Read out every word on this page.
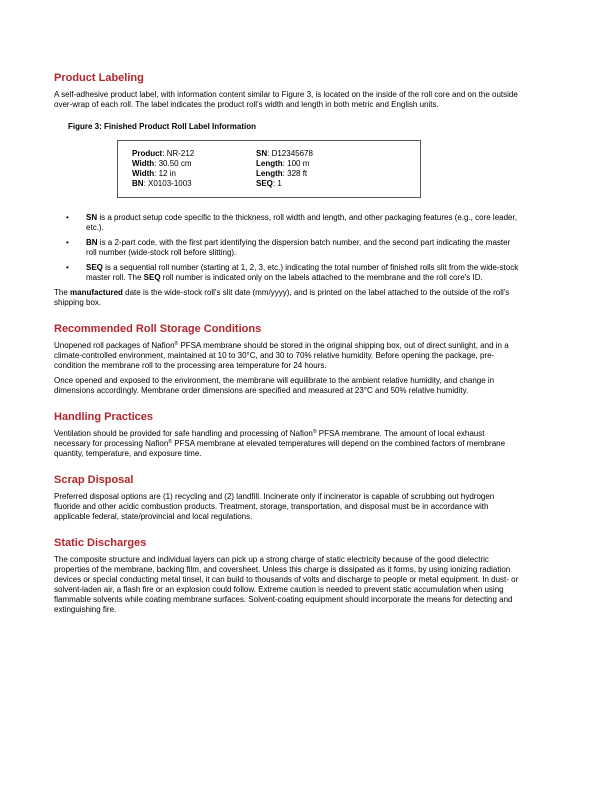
Product Labeling

A self-adhesive product label, with information content similar to Figure 3, is located on the inside of the roll core and on the outside over-wrap of each roll. The label indicates the product roll's width and length in both metric and English units.

Figure 3: Finished Product Roll Label Information
Product: NR-212
Width: 30.50 cm
Width: 12 in
BN: X0103-1003
SN: D12345678
Length: 100 m
Length: 328 ft
SEQ: 1
• SN is a product setup code specific to the thickness, roll width and length, and other packaging features (e.g., core leader, etc.).
• BN is a 2-part code, with the first part identifying the dispersion batch number, and the second part indicating the master roll number (wide-stock roll before slitting).
• SEQ is a sequential roll number (starting at 1, 2, 3, etc.) indicating the total number of finished rolls slit from the wide-stock master roll. The SEQ roll number is indicated only on the labels attached to the membrane and the roll core's ID.

The manufactured date is the wide-stock roll's slit date (mm/yyyy), and is printed on the label attached to the outside of the roll's shipping box.

Recommended Roll Storage Conditions

Unopened roll packages of Nafion® PFSA membrane should be stored in the original shipping box, out of direct sunlight, and in a climate-controlled environment, maintained at 10 to 30°C, and 30 to 70% relative humidity. Before opening the package, pre-condition the membrane roll to the processing area temperature for 24 hours.

Once opened and exposed to the environment, the membrane will equilibrate to the ambient relative humidity, and change in dimensions accordingly. Membrane order dimensions are specified and measured at 23°C and 50% relative humidity.

Handling Practices

Ventilation should be provided for safe handling and processing of Nafion® PFSA membrane. The amount of local exhaust necessary for processing Nafion® PFSA membrane at elevated temperatures will depend on the combined factors of membrane quantity, temperature, and exposure time.

Scrap Disposal

Preferred disposal options are (1) recycling and (2) landfill. Incinerate only if incinerator is capable of scrubbing out hydrogen fluoride and other acidic combustion products. Treatment, storage, transportation, and disposal must be in accordance with applicable federal, state/provincial and local regulations.

Static Discharges

The composite structure and individual layers can pick up a strong charge of static electricity because of the good dielectric properties of the membrane, backing film, and coversheet. Unless this charge is dissipated as it forms, by using ionizing radiation devices or special conducting metal tinsel, it can build to thousands of volts and discharge to people or metal equipment. In dust- or solvent-laden air, a flash fire or an explosion could follow. Extreme caution is needed to prevent static accumulation when using flammable solvents while coating membrane surfaces. Solvent-coating equipment should incorporate the means for detecting and extinguishing fire.
